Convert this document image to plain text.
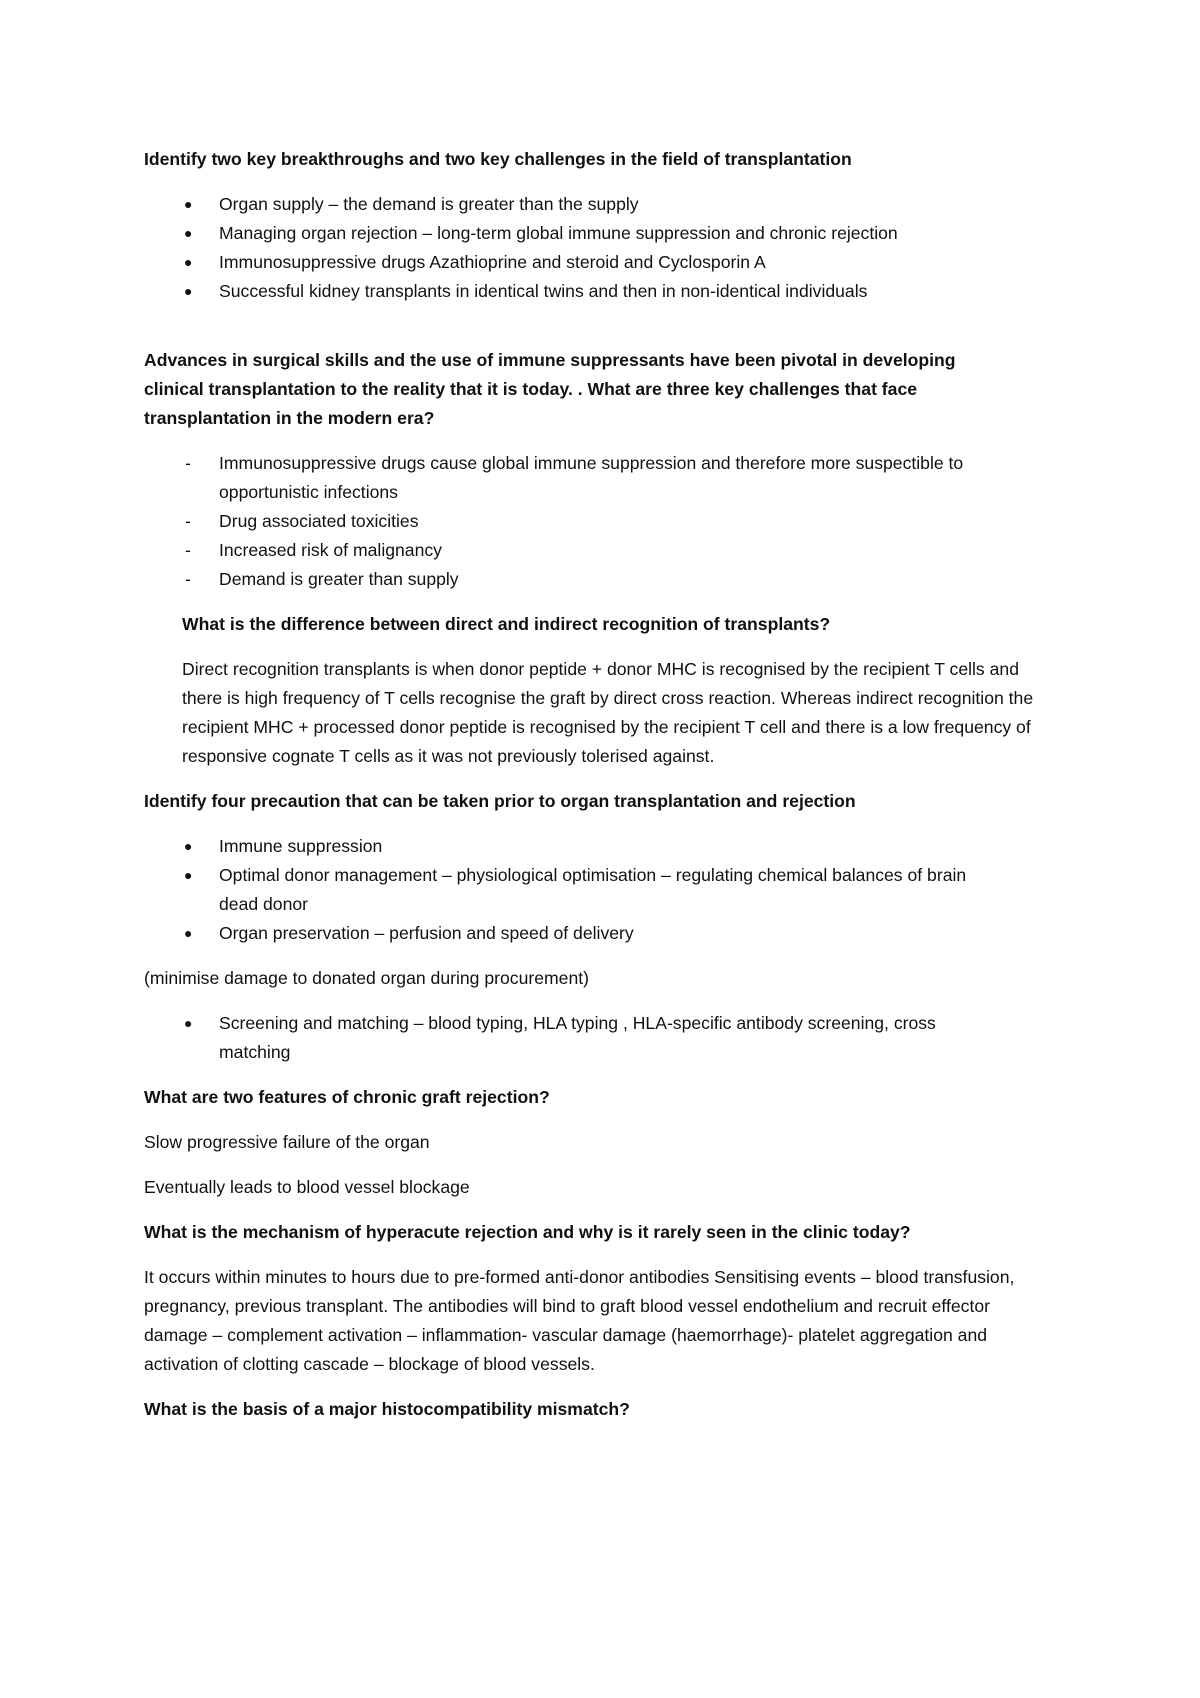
Identify two key breakthroughs and two key challenges in the field of transplantation

● Organ supply – the demand is greater than the supply
● Managing organ rejection – long-term global immune suppression and chronic rejection
● Immunosuppressive drugs Azathioprine and steroid and Cyclosporin A
● Successful kidney transplants in identical twins and then in non-identical individuals

Advances in surgical skills and the use of immune suppressants have been pivotal in developing clinical transplantation to the reality that it is today. . What are three key challenges that face transplantation in the modern era?

- Immunosuppressive drugs cause global immune suppression and therefore more suspectible to opportunistic infections
- Drug associated toxicities
- Increased risk of malignancy
- Demand is greater than supply

What is the difference between direct and indirect recognition of transplants?

Direct recognition transplants is when donor peptide + donor MHC is recognised by the recipient T cells and there is high frequency of T cells recognise the graft by direct cross reaction. Whereas indirect recognition the recipient MHC + processed donor peptide is recognised by the recipient T cell and there is a low frequency of responsive cognate T cells as it was not previously tolerised against.

Identify four precaution that can be taken prior to organ transplantation and rejection

● Immune suppression
● Optimal donor management – physiological optimisation – regulating chemical balances of brain dead donor
● Organ preservation – perfusion and speed of delivery

(minimise damage to donated organ during procurement)

● Screening and matching – blood typing, HLA typing , HLA-specific antibody screening, cross matching

What are two features of chronic graft rejection?

Slow progressive failure of the organ

Eventually leads to blood vessel blockage

What is the mechanism of hyperacute rejection and why is it rarely seen in the clinic today?

It occurs within minutes to hours due to pre-formed anti-donor antibodies Sensitising events – blood transfusion, pregnancy, previous transplant. The antibodies will bind to graft blood vessel endothelium and recruit effector damage – complement activation – inflammation- vascular damage (haemorrhage)- platelet aggregation and activation of clotting cascade – blockage of blood vessels.

What is the basis of a major histocompatibility mismatch?
